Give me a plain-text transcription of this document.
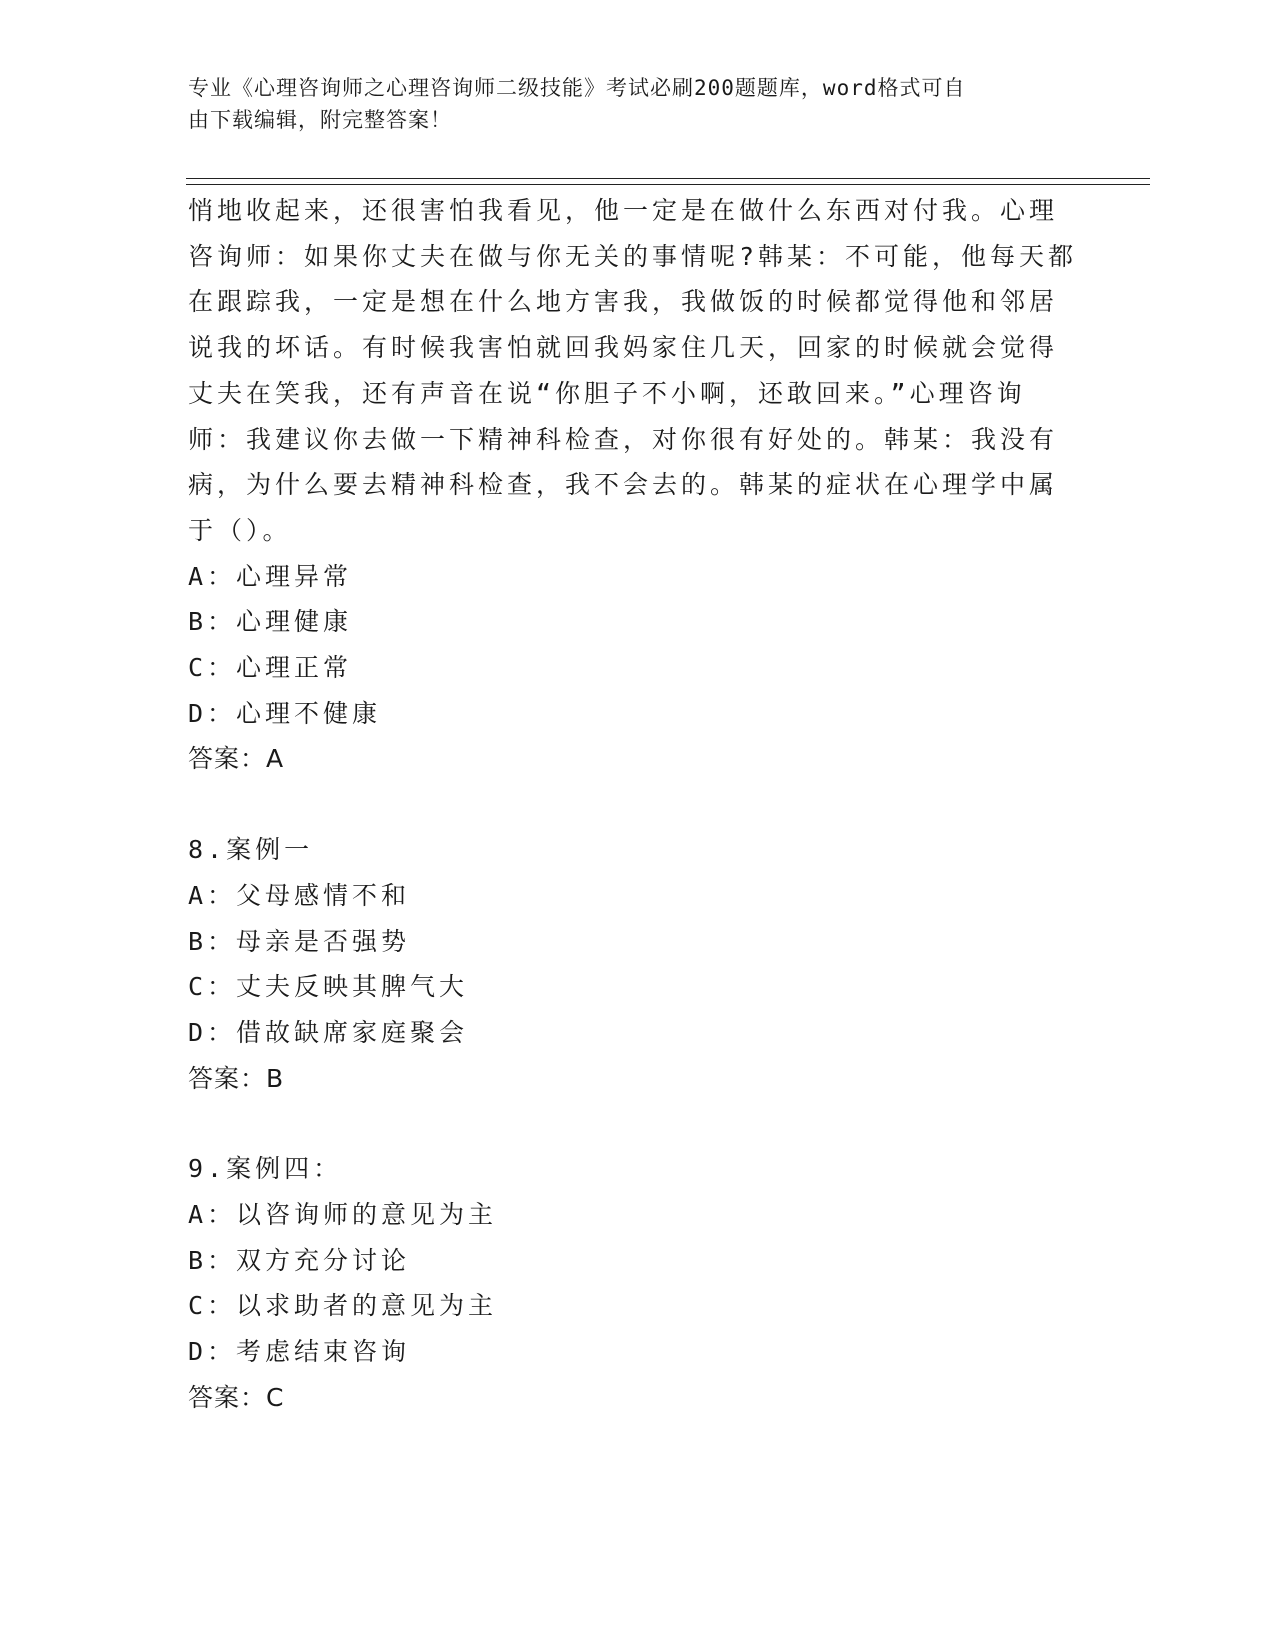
专业《心理咨询师之心理咨询师二级技能》考试必刷200题题库，word格式可自
由下载编辑，附完整答案！

悄地收起来，还很害怕我看见，他一定是在做什么东西对付我。心理

咨询师：如果你丈夫在做与你无关的事情呢?韩某：不可能，他每天都

在跟踪我，一定是想在什么地方害我，我做饭的时候都觉得他和邻居

说我的坏话。有时候我害怕就回我妈家住几天，回家的时候就会觉得

丈夫在笑我，还有声音在说“你胆子不小啊，还敢回来。”心理咨询

师：我建议你去做一下精神科检查，对你很有好处的。韩某：我没有

病，为什么要去精神科检查，我不会去的。韩某的症状在心理学中属

于（）。

A：心理异常

B：心理健康

C：心理正常

D：心理不健康

答案：A

8.案例一

A：父母感情不和

B：母亲是否强势

C：丈夫反映其脾气大

D：借故缺席家庭聚会

答案：B

9.案例四：

A：以咨询师的意见为主

B：双方充分讨论

C：以求助者的意见为主

D：考虑结束咨询

答案：C
